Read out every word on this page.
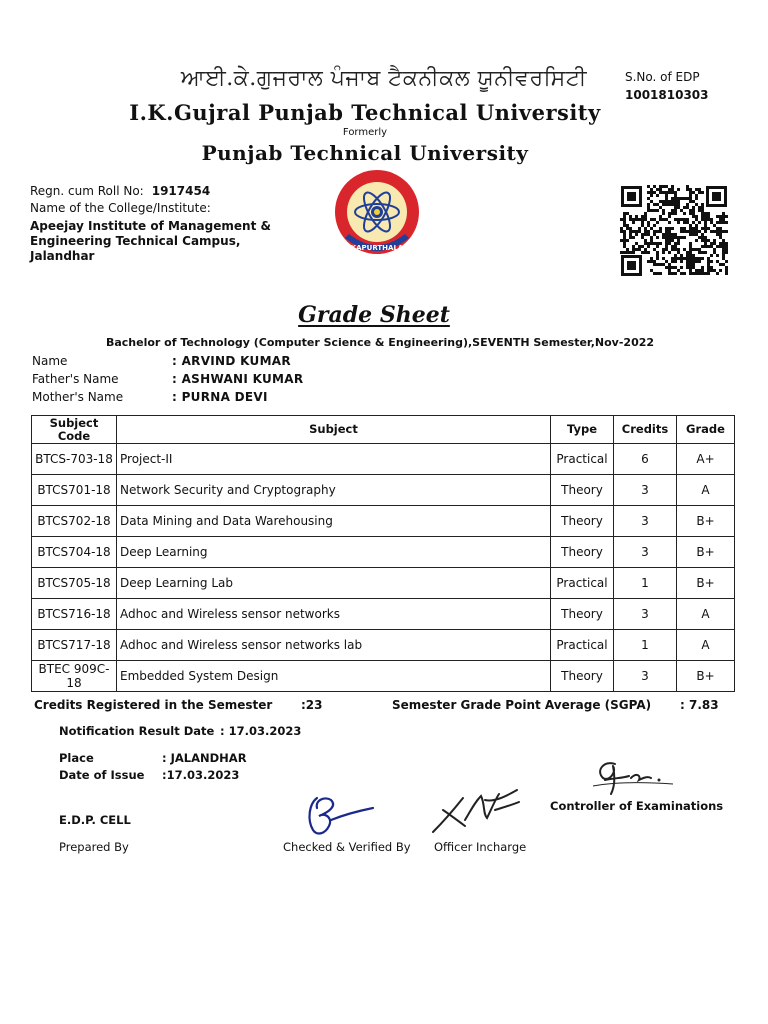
ਆਈ.ਕੇ.ਗੁਜਰਾਲ ਪੰਜਾਬ ਟੈਕਨੀਕਲ ਯੂਨੀਵਰਸਿਟੀ	S.No. of EDP
1001810303
I.K.Gujral Punjab Technical University
Formerly
Punjab Technical University
Regn. cum Roll No: 1917454
Name of the College/Institute:
Apeejay Institute of Management & Engineering Technical Campus, Jalandhar
KAPURTHALA
Grade Sheet
Bachelor of Technology (Computer Science & Engineering),SEVENTH Semester,Nov-2022
Name	: ARVIND KUMAR
Father's Name	: ASHWANI KUMAR
Mother's Name	: PURNA DEVI
Subject Code	Subject	Type	Credits	Grade
BTCS-703-18	Project-II	Practical	6	A+
BTCS701-18	Network Security and Cryptography	Theory	3	A
BTCS702-18	Data Mining and Data Warehousing	Theory	3	B+
BTCS704-18	Deep Learning	Theory	3	B+
BTCS705-18	Deep Learning Lab	Practical	1	B+
BTCS716-18	Adhoc and Wireless sensor networks	Theory	3	A
BTCS717-18	Adhoc and Wireless sensor networks lab	Practical	1	A
BTEC 909C-18	Embedded System Design	Theory	3	B+
Credits Registered in the Semester :23	Semester Grade Point Average (SGPA) : 7.83
Notification Result Date : 17.03.2023
Place	: JALANDHAR
Date of Issue :17.03.2023
Controller of Examinations
E.D.P. CELL
Prepared By	Checked & Verified By Officer Incharge
